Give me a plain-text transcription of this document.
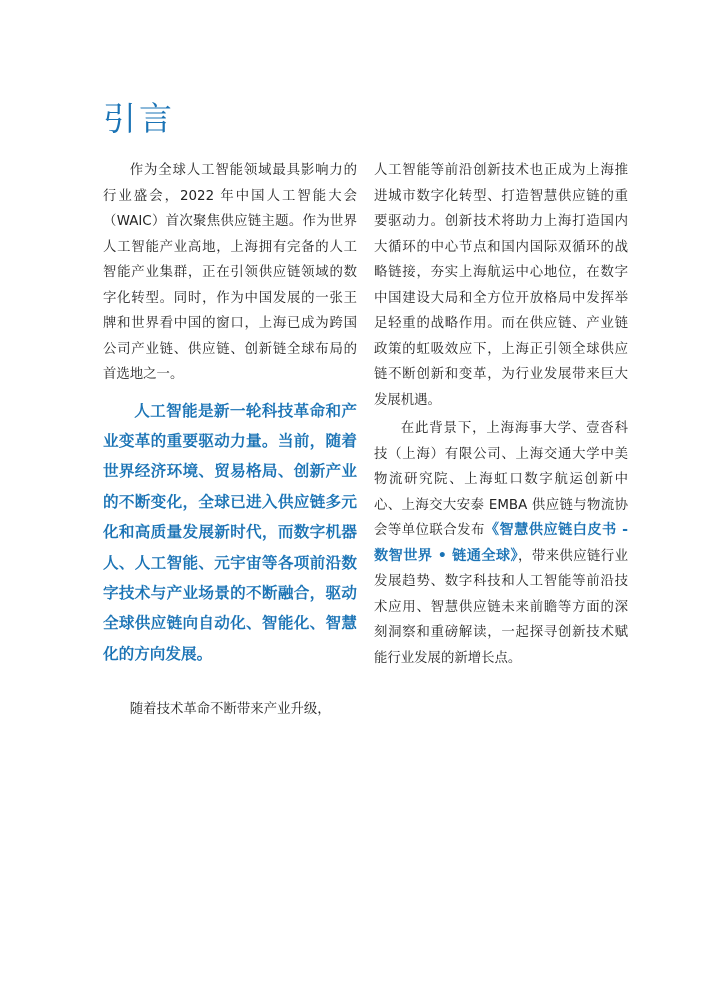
引言

作为全球人工智能领域最具影响力的行业盛会，2022 年中国人工智能大会（WAIC）首次聚焦供应链主题。作为世界人工智能产业高地，上海拥有完备的人工智能产业集群，正在引领供应链领域的数字化转型。同时，作为中国发展的一张王牌和世界看中国的窗口，上海已成为跨国公司产业链、供应链、创新链全球布局的首选地之一。

人工智能是新一轮科技革命和产业变革的重要驱动力量。当前，随着世界经济环境、贸易格局、创新产业的不断变化，全球已进入供应链多元化和高质量发展新时代，而数字机器人、人工智能、元宇宙等各项前沿数字技术与产业场景的不断融合，驱动全球供应链向自动化、智能化、智慧化的方向发展。

随着技术革命不断带来产业升级，

人工智能等前沿创新技术也正成为上海推进城市数字化转型、打造智慧供应链的重要驱动力。创新技术将助力上海打造国内大循环的中心节点和国内国际双循环的战略链接，夯实上海航运中心地位，在数字中国建设大局和全方位开放格局中发挥举足轻重的战略作用。而在供应链、产业链政策的虹吸效应下，上海正引领全球供应链不断创新和变革，为行业发展带来巨大发展机遇。

在此背景下，上海海事大学、壹沓科技（上海）有限公司、上海交通大学中美物流研究院、上海虹口数字航运创新中心、上海交大安泰 EMBA 供应链与物流协会等单位联合发布《智慧供应链白皮书 - 数智世界 • 链通全球》，带来供应链行业发展趋势、数字科技和人工智能等前沿技术应用、智慧供应链未来前瞻等方面的深刻洞察和重磅解读，一起探寻创新技术赋能行业发展的新增长点。
